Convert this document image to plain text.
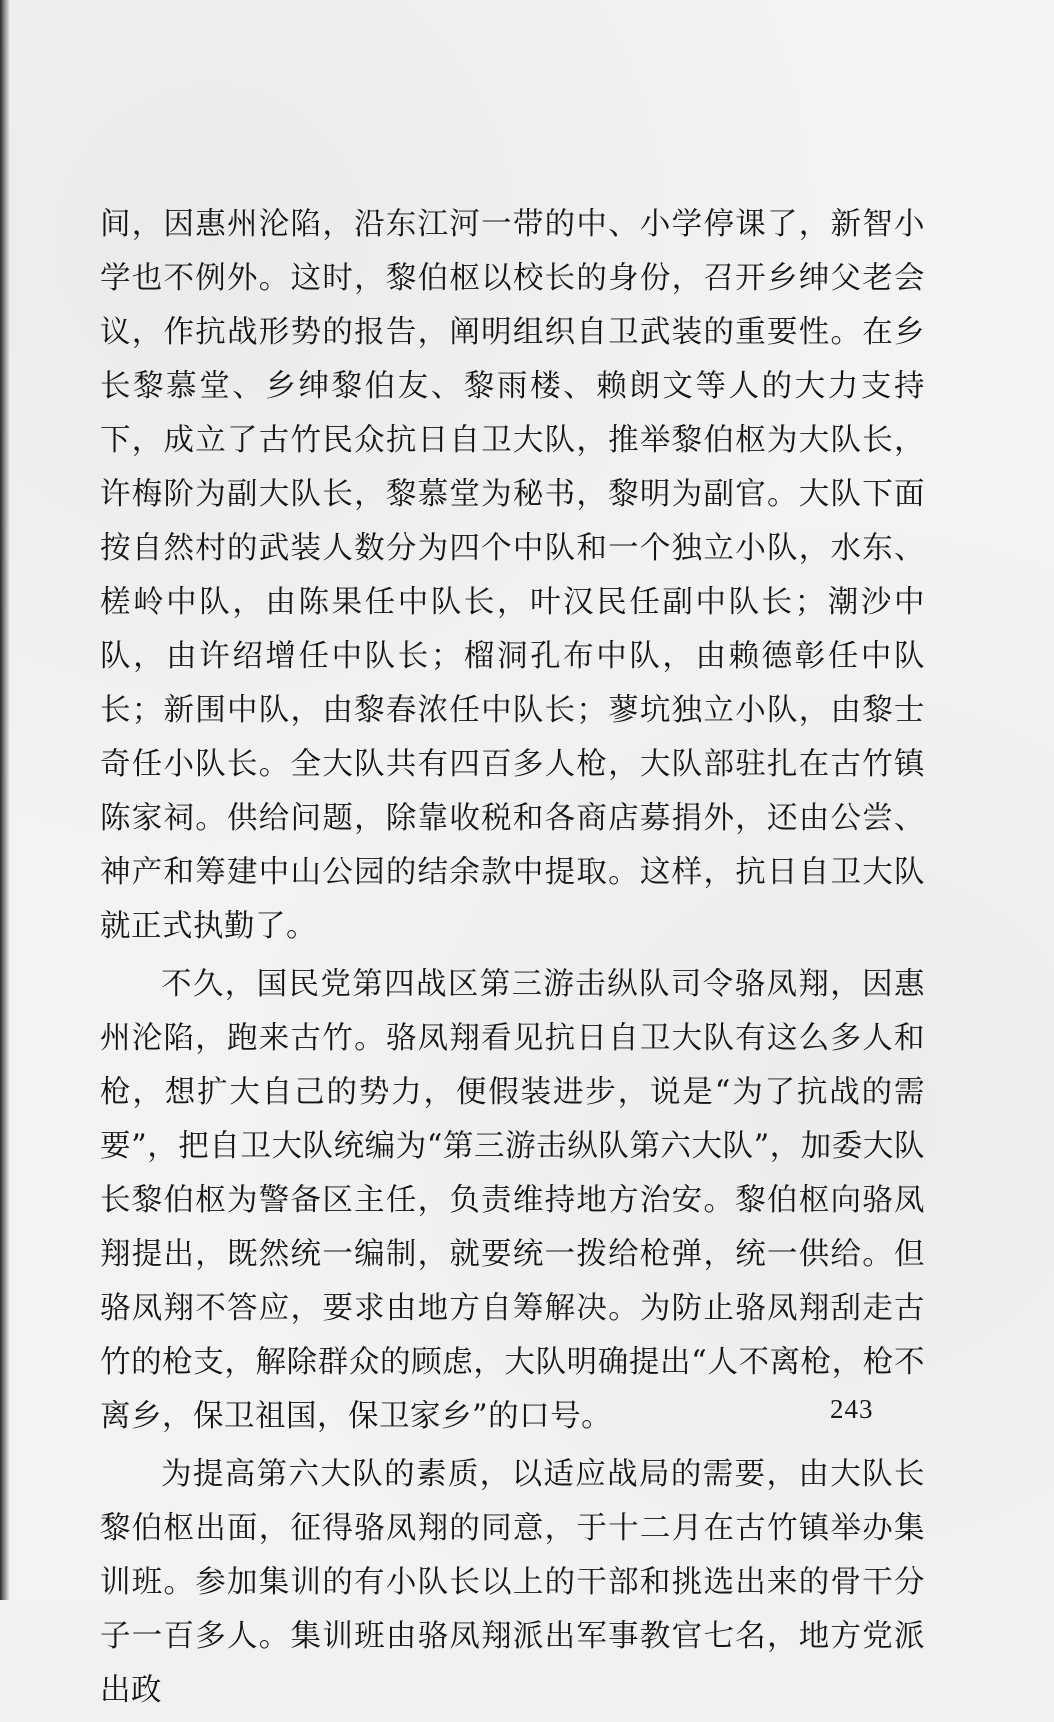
间，因惠州沦陷，沿东江河一带的中、小学停课了，新智小学也不例外。这时，黎伯枢以校长的身份，召开乡绅父老会议，作抗战形势的报告，阐明组织自卫武装的重要性。在乡长黎慕堂、乡绅黎伯友、黎雨楼、赖朗文等人的大力支持下，成立了古竹民众抗日自卫大队，推举黎伯枢为大队长，许梅阶为副大队长，黎慕堂为秘书，黎明为副官。大队下面按自然村的武装人数分为四个中队和一个独立小队，水东、槎岭中队，由陈果任中队长，叶汉民任副中队长；潮沙中队，由许绍增任中队长；榴洞孔布中队，由赖德彰任中队长；新围中队，由黎春浓任中队长；蓼坑独立小队，由黎士奇任小队长。全大队共有四百多人枪，大队部驻扎在古竹镇陈家祠。供给问题，除靠收税和各商店募捐外，还由公尝、神产和筹建中山公园的结余款中提取。这样，抗日自卫大队就正式执勤了。

不久，国民党第四战区第三游击纵队司令骆凤翔，因惠州沦陷，跑来古竹。骆凤翔看见抗日自卫大队有这么多人和枪，想扩大自己的势力，便假装进步，说是“为了抗战的需要”，把自卫大队统编为“第三游击纵队第六大队”，加委大队长黎伯枢为警备区主任，负责维持地方治安。黎伯枢向骆凤翔提出，既然统一编制，就要统一拨给枪弹，统一供给。但骆凤翔不答应，要求由地方自筹解决。为防止骆凤翔刮走古竹的枪支，解除群众的顾虑，大队明确提出“人不离枪，枪不离乡，保卫祖国，保卫家乡”的口号。

为提高第六大队的素质，以适应战局的需要，由大队长黎伯枢出面，征得骆凤翔的同意，于十二月在古竹镇举办集训班。参加集训的有小队长以上的干部和挑选出来的骨干分子一百多人。集训班由骆凤翔派出军事教官七名，地方党派出政

243
